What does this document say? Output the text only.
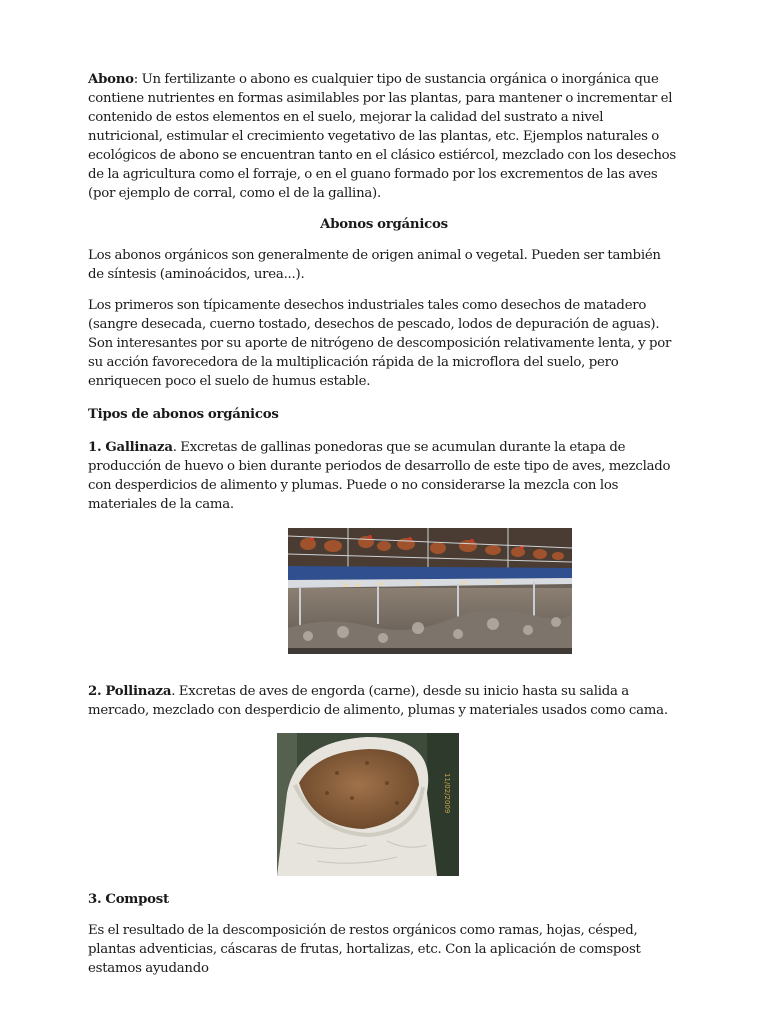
Abono: Un fertilizante o abono es cualquier tipo de sustancia orgánica o inorgánica que contiene nutrientes en formas asimilables por las plantas, para mantener o incrementar el contenido de estos elementos en el suelo, mejorar la calidad del sustrato a nivel nutricional, estimular el crecimiento vegetativo de las plantas, etc. Ejemplos naturales o ecológicos de abono se encuentran tanto en el clásico estiércol, mezclado con los desechos de la agricultura como el forraje, o en el guano formado por los excrementos de las aves (por ejemplo de corral, como el de la gallina).

Abonos orgánicos

Los abonos orgánicos son generalmente de origen animal o vegetal. Pueden ser también de síntesis (aminoácidos, urea...).

Los primeros son típicamente desechos industriales tales como desechos de matadero (sangre desecada, cuerno tostado, desechos de pescado, lodos de depuración de aguas). Son interesantes por su aporte de nitrógeno de descomposición relativamente lenta, y por su acción favorecedora de la multiplicación rápida de la microflora del suelo, pero enriquecen poco el suelo de humus estable.

Tipos de abonos orgánicos

1. Gallinaza. Excretas de gallinas ponedoras que se acumulan durante la etapa de producción de huevo o bien durante periodos de desarrollo de este tipo de aves, mezclado con desperdicios de alimento y plumas. Puede o no considerarse la mezcla con los materiales de la cama.

2. Pollinaza. Excretas de aves de engorda (carne), desde su inicio hasta su salida a mercado, mezclado con desperdicio de alimento, plumas y materiales usados como cama.

11/02/2009

3. Compost

Es el resultado de la descomposición de restos orgánicos como ramas, hojas, césped, plantas adventicias, cáscaras de frutas, hortalizas, etc. Con la aplicación de comspost estamos ayudando
